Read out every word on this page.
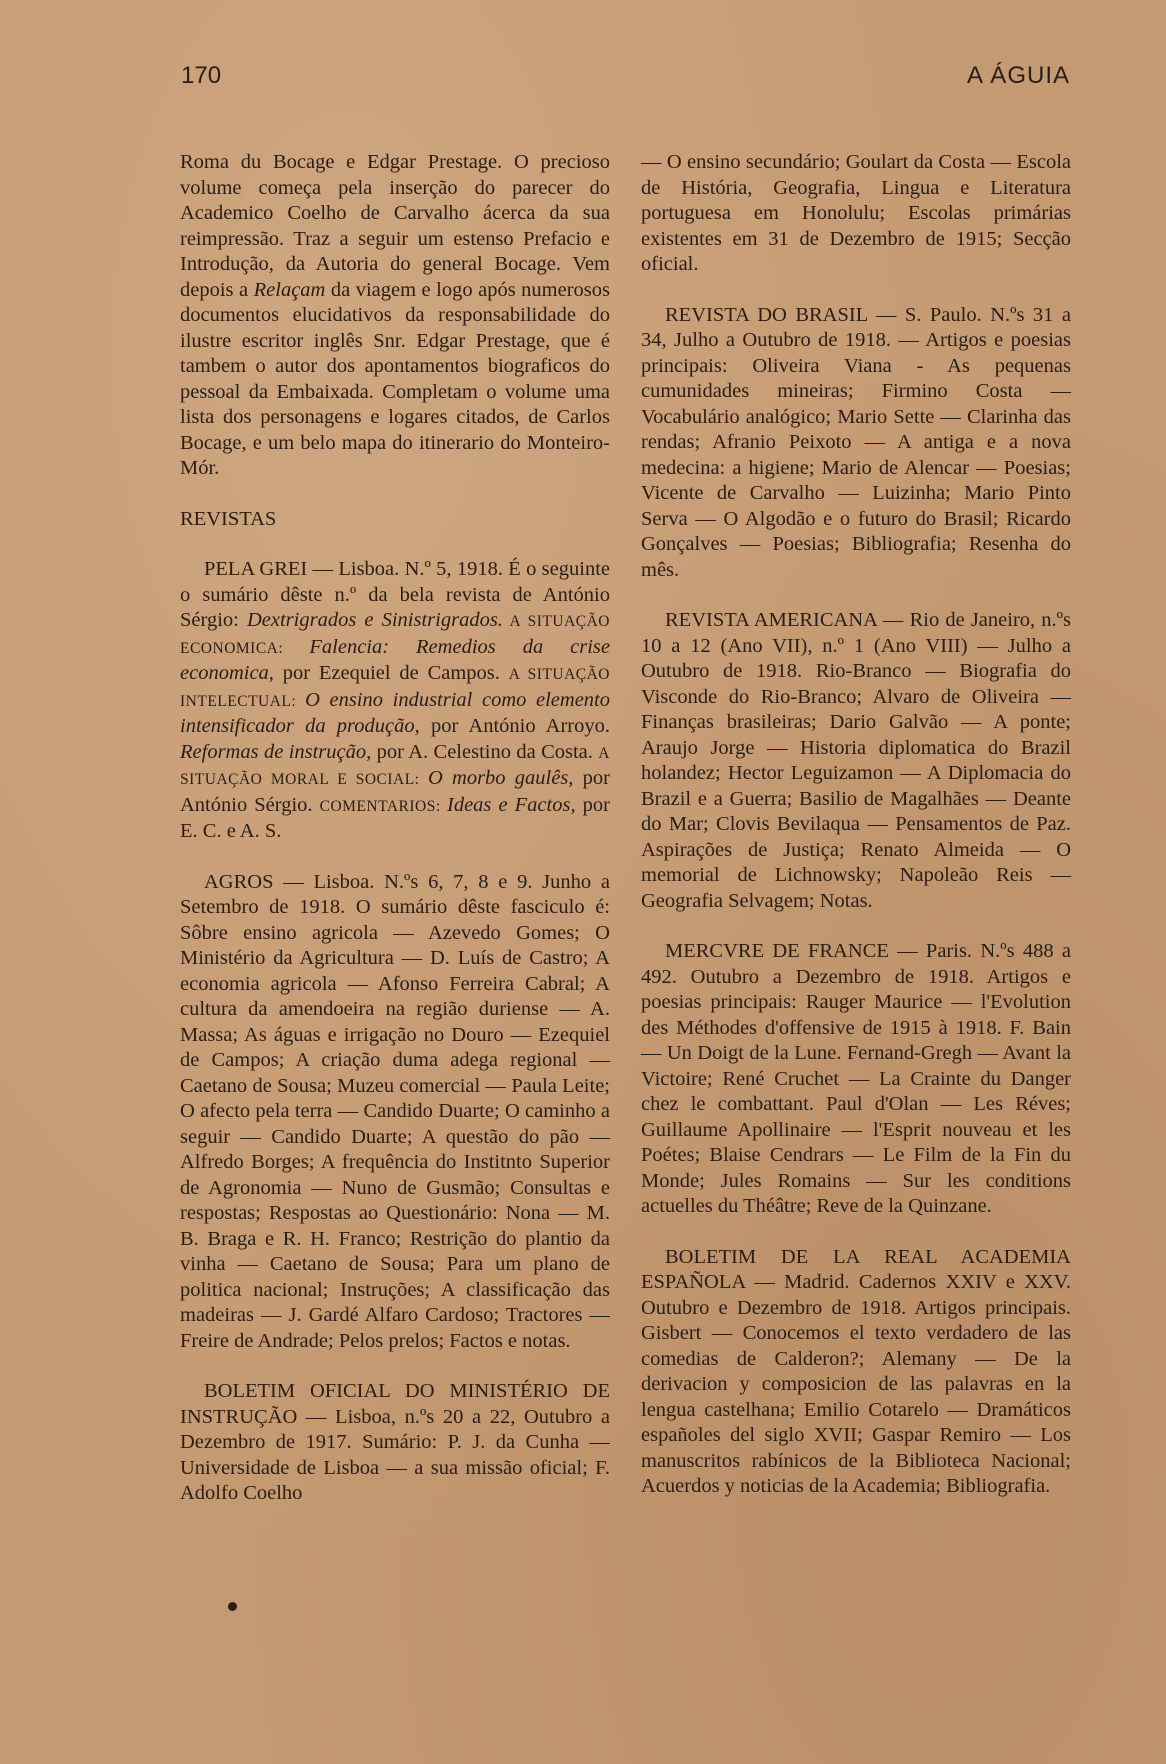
170	A ÁGUIA

Roma du Bocage e Edgar Prestage. O precioso volume começa pela inserção do parecer do Academico Coelho de Carvalho ácerca da sua reimpressão. Traz a seguir um estenso Prefacio e Introdução, da Autoria do general Bocage. Vem depois a Relaçam da viagem e logo após numerosos documentos elucidativos da responsabilidade do ilustre escritor inglês Snr. Edgar Prestage, que é tambem o autor dos apontamentos biograficos do pessoal da Embaixada. Completam o volume uma lista dos personagens e logares citados, de Carlos Bocage, e um belo mapa do itinerario do Monteiro-Mór.

REVISTAS

PELA GREI — Lisboa. N.º 5, 1918. É o seguinte o sumário dêste n.º da bela revista de António Sérgio: Dextrigrados e Sinistrigrados. A SITUAÇÃO ECONOMICA: Falencia: Remedios da crise economica, por Ezequiel de Campos. A SITUAÇÃO INTELECTUAL: O ensino industrial como elemento intensificador da produção, por António Arroyo. Reformas de instrução, por A. Celestino da Costa. A SITUAÇÃO MORAL E SOCIAL: O morbo gaulês, por António Sérgio. COMENTARIOS: Ideas e Factos, por E. C. e A. S.

AGROS — Lisboa. N.ºs 6, 7, 8 e 9. Junho a Setembro de 1918. O sumário dêste fasciculo é: Sôbre ensino agricola — Azevedo Gomes; O Ministério da Agricultura — D. Luís de Castro; A economia agricola — Afonso Ferreira Cabral; A cultura da amendoeira na região duriense — A. Massa; As águas e irrigação no Douro — Ezequiel de Campos; A criação duma adega regional — Caetano de Sousa; Muzeu comercial — Paula Leite; O afecto pela terra — Candido Duarte; O caminho a seguir — Candido Duarte; A questão do pão — Alfredo Borges; A frequência do Institnto Superior de Agronomia — Nuno de Gusmão; Consultas e respostas; Respostas ao Questionário: Nona — M. B. Braga e R. H. Franco; Restrição do plantio da vinha — Caetano de Sousa; Para um plano de politica nacional; Instruções; A classificação das madeiras — J. Gardé Alfaro Cardoso; Tractores — Freire de Andrade; Pelos prelos; Factos e notas.

BOLETIM OFICIAL DO MINISTÉRIO DE INSTRUÇÃO — Lisboa, n.ºs 20 a 22, Outubro a Dezembro de 1917. Sumário: P. J. da Cunha — Universidade de Lisboa — a sua missão oficial; F. Adolfo Coelho

— O ensino secundário; Goulart da Costa — Escola de História, Geografia, Lingua e Literatura portuguesa em Honolulu; Escolas primárias existentes em 31 de Dezembro de 1915; Secção oficial.

REVISTA DO BRASIL — S. Paulo. N.ºs 31 a 34, Julho a Outubro de 1918. — Artigos e poesias principais: Oliveira Viana - As pequenas cumunidades mineiras; Firmino Costa — Vocabulário analógico; Mario Sette — Clarinha das rendas; Afranio Peixoto — A antiga e a nova medecina: a higiene; Mario de Alencar — Poesias; Vicente de Carvalho — Luizinha; Mario Pinto Serva — O Algodão e o futuro do Brasil; Ricardo Gonçalves — Poesias; Bibliografia; Resenha do mês.

REVISTA AMERICANA — Rio de Janeiro, n.ºs 10 a 12 (Ano VII), n.º 1 (Ano VIII) — Julho a Outubro de 1918. Rio-Branco — Biografia do Visconde do Rio-Branco; Alvaro de Oliveira — Finanças brasileiras; Dario Galvão — A ponte; Araujo Jorge — Historia diplomatica do Brazil holandez; Hector Leguizamon — A Diplomacia do Brazil e a Guerra; Basilio de Magalhães — Deante do Mar; Clovis Bevilaqua — Pensamentos de Paz. Aspirações de Justiça; Renato Almeida — O memorial de Lichnowsky; Napoleão Reis — Geografia Selvagem; Notas.

MERCVRE DE FRANCE — Paris. N.ºs 488 a 492. Outubro a Dezembro de 1918. Artigos e poesias principais: Rauger Maurice — l'Evolution des Méthodes d'offensive de 1915 à 1918. F. Bain — Un Doigt de la Lune. Fernand-Gregh — Avant la Victoire; René Cruchet — La Crainte du Danger chez le combattant. Paul d'Olan — Les Réves; Guillaume Apollinaire — l'Esprit nouveau et les Poétes; Blaise Cendrars — Le Film de la Fin du Monde; Jules Romains — Sur les conditions actuelles du Théâtre; Reve de la Quinzane.

BOLETIM DE LA REAL ACADEMIA ESPAÑOLA — Madrid. Cadernos XXIV e XXV. Outubro e Dezembro de 1918. Artigos principais. Gisbert — Conocemos el texto verdadero de las comedias de Calderon?; Alemany — De la derivacion y composicion de las palavras en la lengua castelhana; Emilio Cotarelo — Dramáticos españoles del siglo XVII; Gaspar Remiro — Los manuscritos rabínicos de la Biblioteca Nacional; Acuerdos y noticias de la Academia; Bibliografia.
